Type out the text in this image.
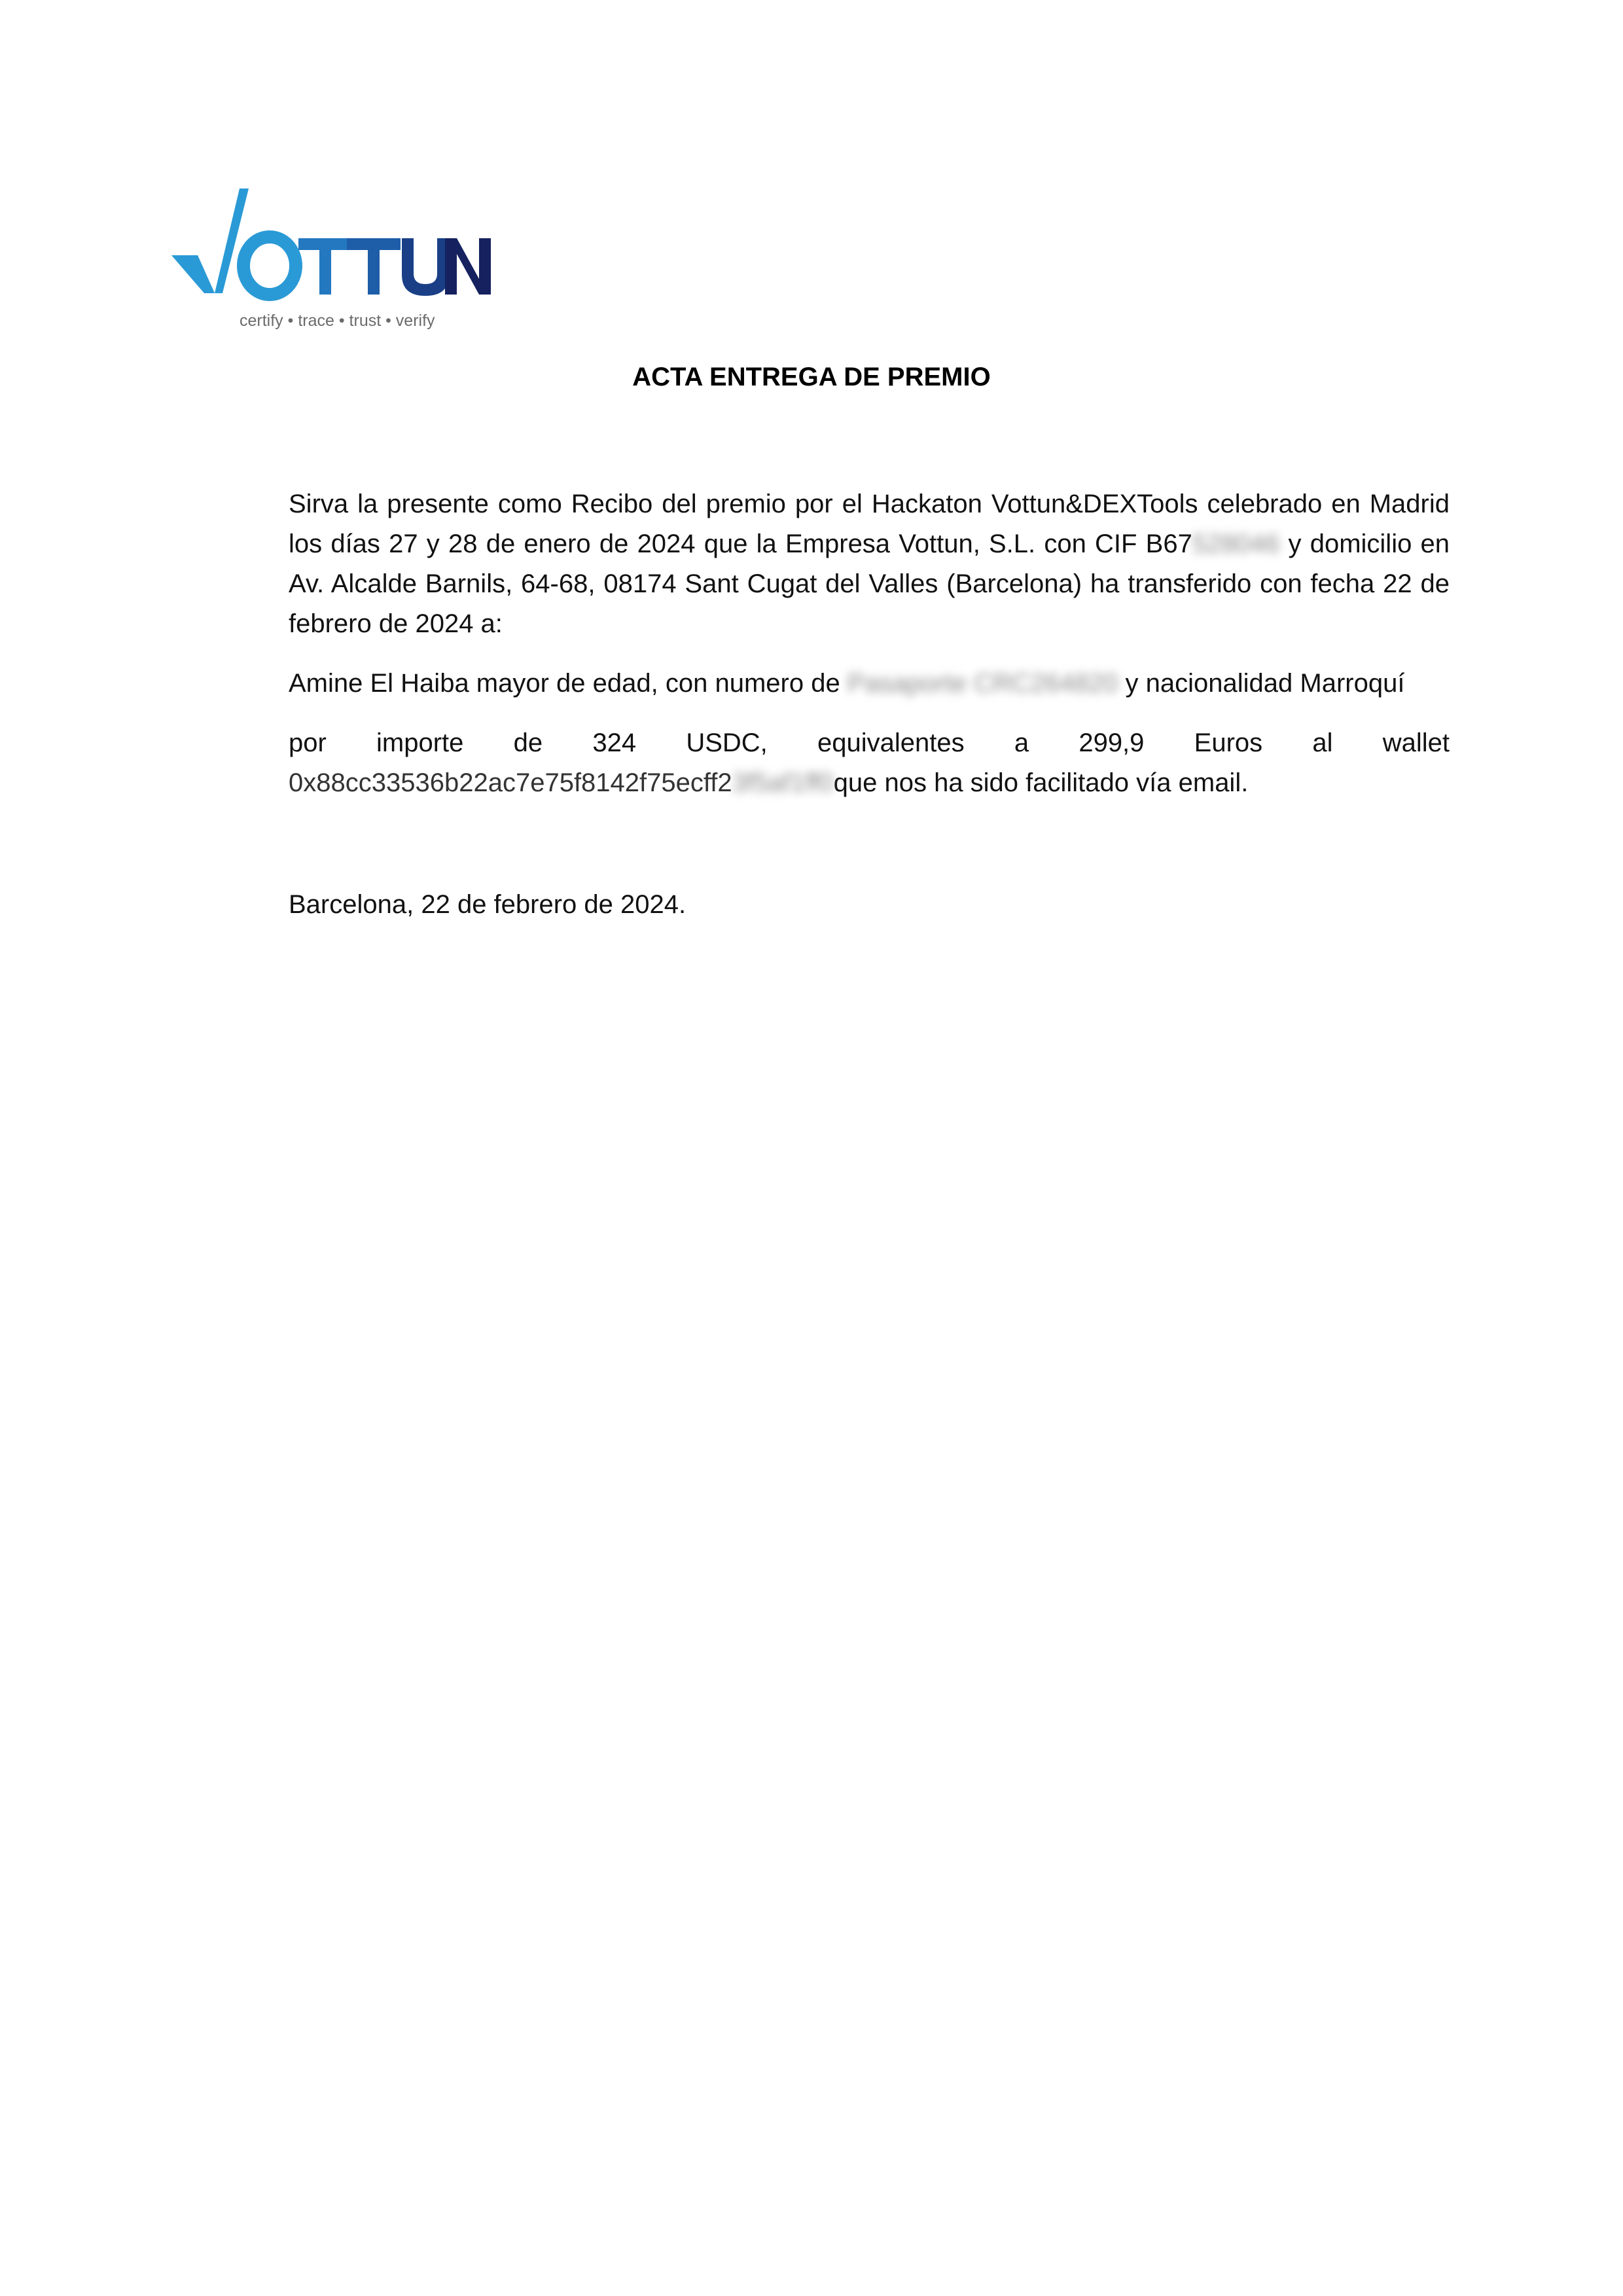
certify • trace • trust • verify
ACTA ENTREGA DE PREMIO

Sirva la presente como Recibo del premio por el Hackaton Vottun&DEXTools celebrado en Madrid los días 27 y 28 de enero de 2024 que la Empresa Vottun, S.L. con CIF B67528046 y domicilio en Av. Alcalde Barnils, 64-68, 08174 Sant Cugat del Valles (Barcelona) ha transferido con fecha 22 de febrero de 2024 a:

Amine El Haiba mayor de edad, con numero de Pasaporte CRC264820 y nacionalidad Marroquí

por importe de 324 USDC, equivalentes a 299,9 Euros al wallet 0x88cc33536b22ac7e75f8142f75ecff23f5af1ff0que nos ha sido facilitado vía email.

Barcelona, 22 de febrero de 2024.
